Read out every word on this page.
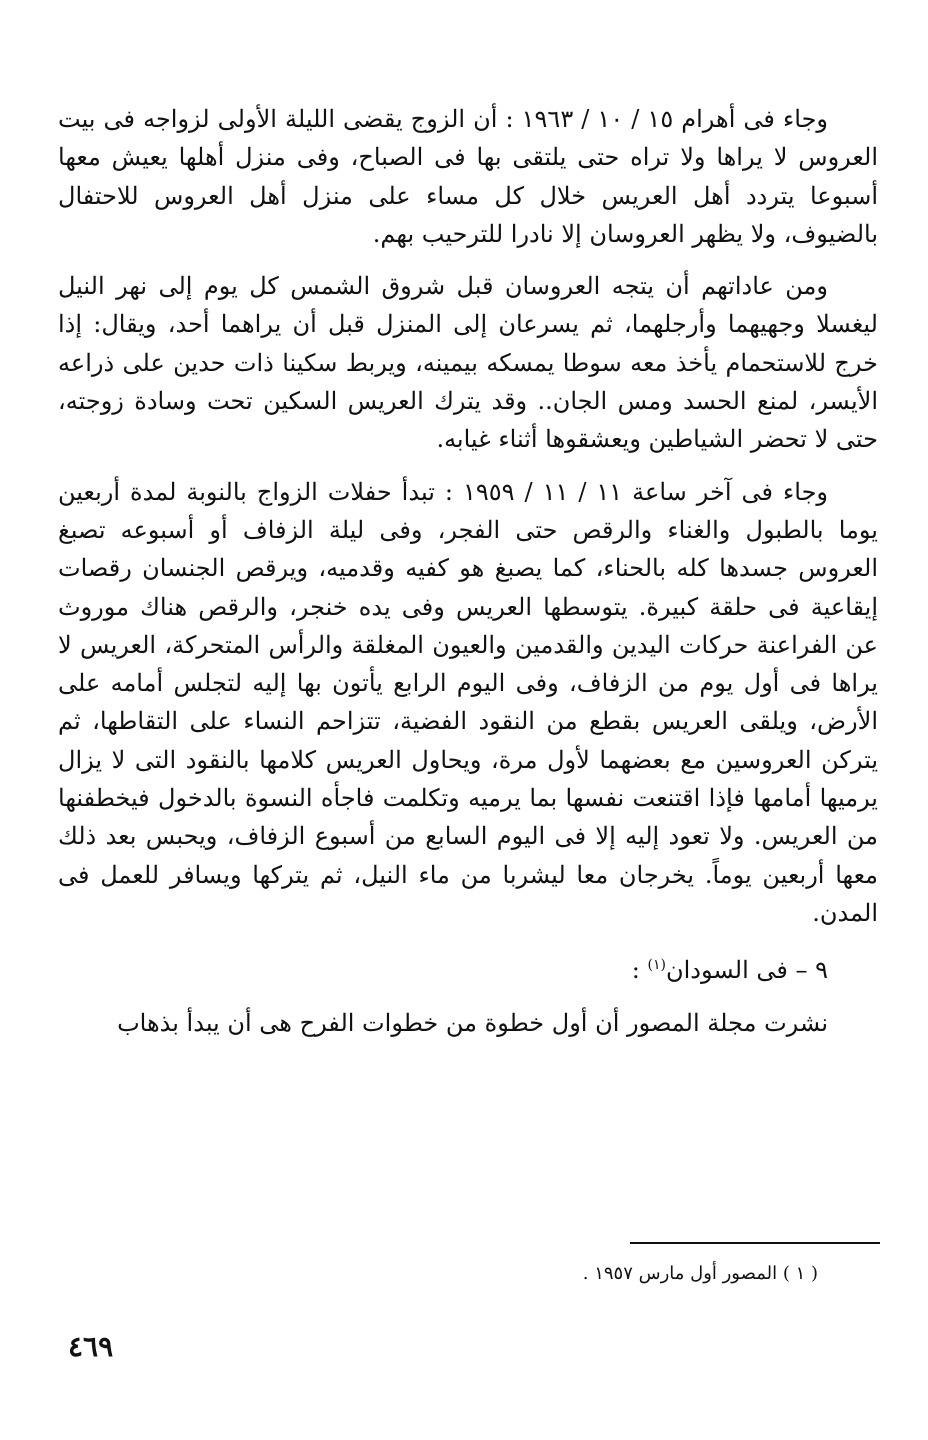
وجاء فى أهرام ١٥ / ١٠ / ١٩٦٣ : أن الزوج يقضى الليلة الأولى لزواجه فى بيت العروس لا يراها ولا تراه حتى يلتقى بها فى الصباح، وفى منزل أهلها يعيش معها أسبوعا يتردد أهل العريس خلال كل مساء على منزل أهل العروس للاحتفال بالضيوف، ولا يظهر العروسان إلا نادرا للترحيب بهم.

ومن عاداتهم أن يتجه العروسان قبل شروق الشمس كل يوم إلى نهر النيل ليغسلا وجهيهما وأرجلهما، ثم يسرعان إلى المنزل قبل أن يراهما أحد، ويقال: إذا خرج للاستحمام يأخذ معه سوطا يمسكه بيمينه، ويربط سكينا ذات حدين على ذراعه الأيسر، لمنع الحسد ومس الجان.. وقد يترك العريس السكين تحت وسادة زوجته، حتى لا تحضر الشياطين ويعشقوها أثناء غيابه.

وجاء فى آخر ساعة ١١ / ١١ / ١٩٥٩ : تبدأ حفلات الزواج بالنوبة لمدة أربعين يوما بالطبول والغناء والرقص حتى الفجر، وفى ليلة الزفاف أو أسبوعه تصبغ العروس جسدها كله بالحناء، كما يصبغ هو كفيه وقدميه، ويرقص الجنسان رقصات إيقاعية فى حلقة كبيرة. يتوسطها العريس وفى يده خنجر، والرقص هناك موروث عن الفراعنة حركات اليدين والقدمين والعيون المغلقة والرأس المتحركة، العريس لا يراها فى أول يوم من الزفاف، وفى اليوم الرابع يأتون بها إليه لتجلس أمامه على الأرض، ويلقى العريس بقطع من النقود الفضية، تتزاحم النساء على التقاطها، ثم يتركن العروسين مع بعضهما لأول مرة، ويحاول العريس كلامها بالنقود التى لا يزال يرميها أمامها فإذا اقتنعت نفسها بما يرميه وتكلمت فاجأه النسوة بالدخول فيخطفنها من العريس. ولا تعود إليه إلا فى اليوم السابع من أسبوع الزفاف، ويحبس بعد ذلك معها أربعين يوماً. يخرجان معا ليشربا من ماء النيل، ثم يتركها ويسافر للعمل فى المدن.

٩ – فى السودان$^{(١)}$ :

نشرت مجلة المصور أن أول خطوة من خطوات الفرح هى أن يبدأ بذهاب

( ١ ) المصور أول مارس ١٩٥٧ .
٤٦٩
